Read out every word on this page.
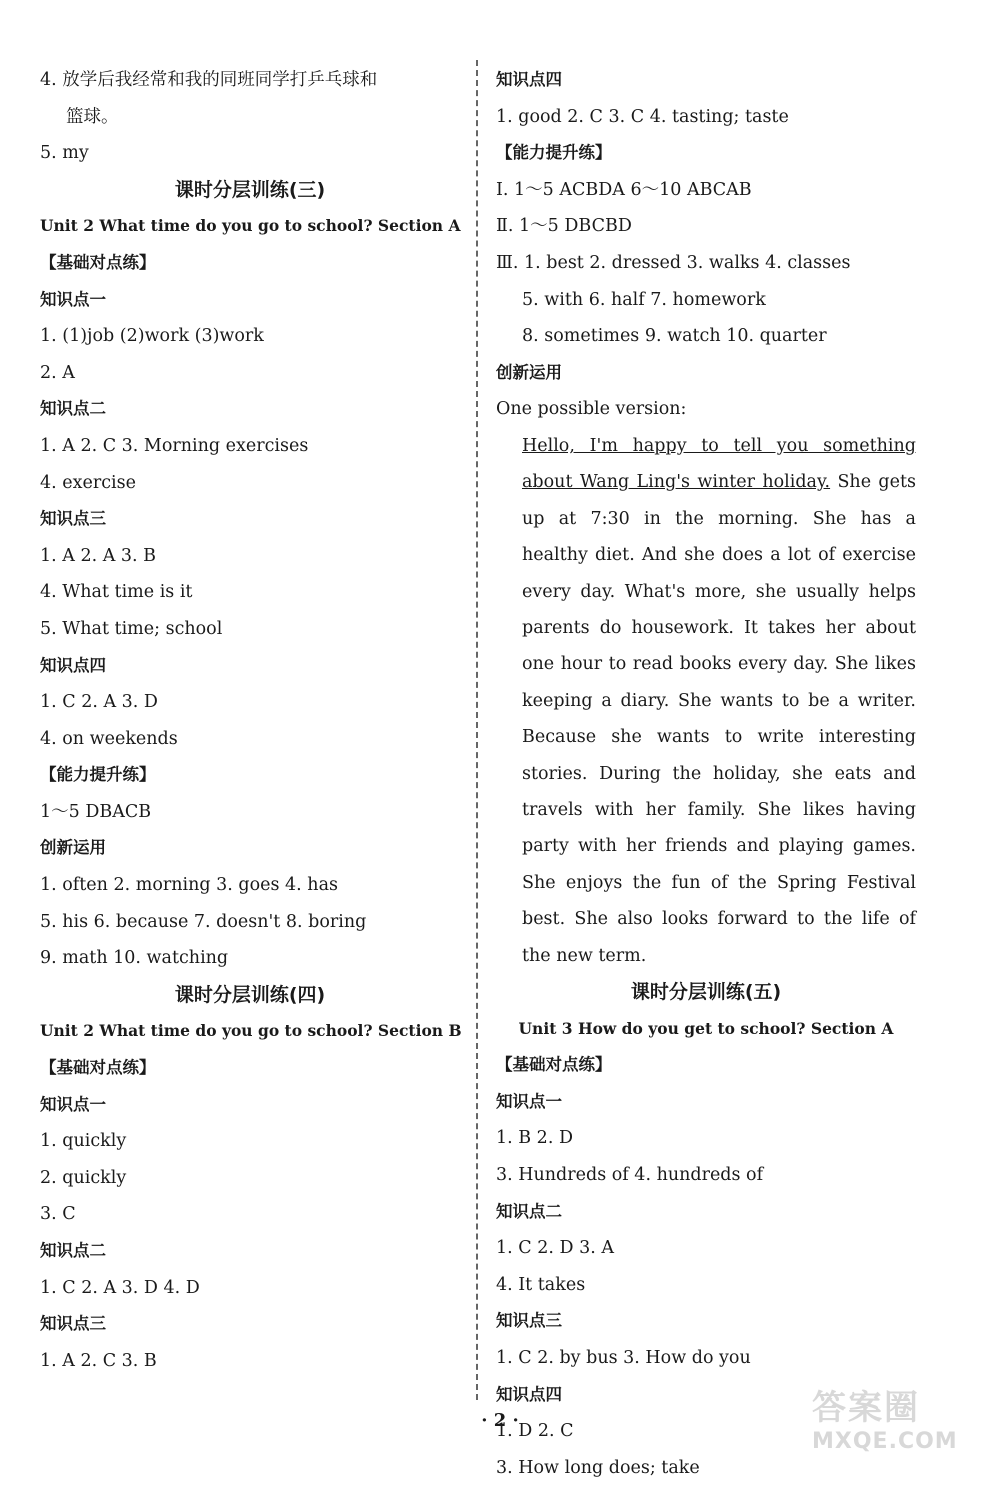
4. 放学后我经常和我的同班同学打乒乓球和
篮球。
5. my
课时分层训练(三)
Unit 2 What time do you go to school? Section A
【基础对点练】
知识点一
1. (1)job (2)work (3)work
2. A
知识点二
1. A 2. C 3. Morning exercises
4. exercise
知识点三
1. A 2. A 3. B
4. What time is it
5. What time; school
知识点四
1. C 2. A 3. D
4. on weekends
【能力提升练】
1～5 DBACB
创新运用
1. often 2. morning 3. goes 4. has
5. his 6. because 7. doesn't 8. boring
9. math 10. watching
课时分层训练(四)
Unit 2 What time do you go to school? Section B
【基础对点练】
知识点一
1. quickly
2. quickly
3. C
知识点二
1. C 2. A 3. D 4. D
知识点三
1. A 2. C 3. B
知识点四
1. good 2. C 3. C 4. tasting; taste
【能力提升练】
Ⅰ. 1～5 ACBDA 6～10 ABCAB
Ⅱ. 1～5 DBCBD
Ⅲ. 1. best 2. dressed 3. walks 4. classes
5. with 6. half 7. homework
8. sometimes 9. watch 10. quarter
创新运用
One possible version:
Hello, I'm happy to tell you something about Wang Ling's winter holiday. She gets up at 7:30 in the morning. She has a healthy diet. And she does a lot of exercise every day. What's more, she usually helps parents do housework. It takes her about one hour to read books every day. She likes keeping a diary. She wants to be a writer. Because she wants to write interesting stories. During the holiday, she eats and travels with her family. She likes having party with her friends and playing games. She enjoys the fun of the Spring Festival best. She also looks forward to the life of the new term.
课时分层训练(五)
Unit 3 How do you get to school? Section A
【基础对点练】
知识点一
1. B 2. D
3. Hundreds of 4. hundreds of
知识点二
1. C 2. D 3. A
4. It takes
知识点三
1. C 2. by bus 3. How do you
知识点四
1. D 2. C
3. How long does; take
· 2 ·	答案圈
MXQE.COM
